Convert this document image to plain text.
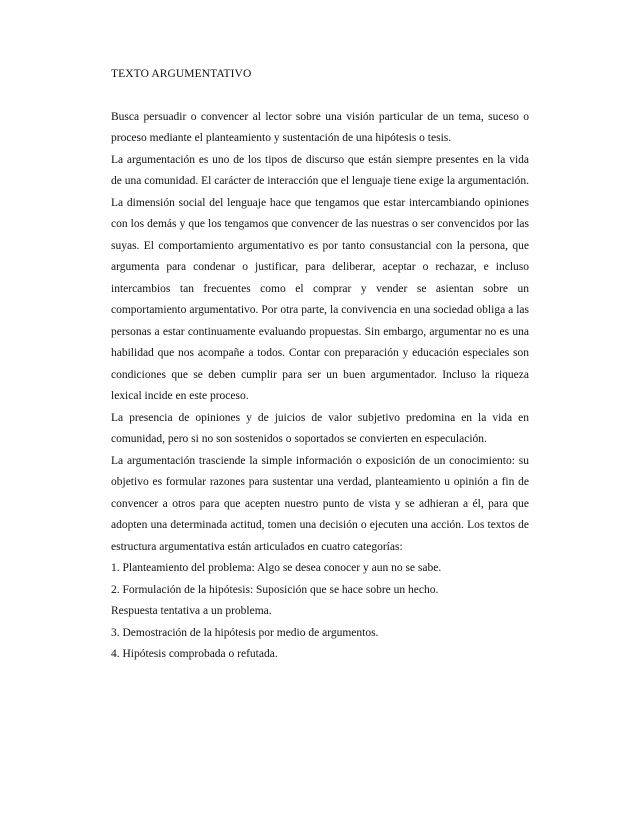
TEXTO ARGUMENTATIVO

Busca persuadir o convencer al lector sobre una visión particular de un tema, suceso o proceso mediante el planteamiento y sustentación de una hipótesis o tesis.

La argumentación es uno de los tipos de discurso que están siempre presentes en la vida de una comunidad. El carácter de interacción que el lenguaje tiene exige la argumentación. La dimensión social del lenguaje hace que tengamos que estar intercambiando opiniones con los demás y que los tengamos que convencer de las nuestras o ser convencidos por las suyas. El comportamiento argumentativo es por tanto consustancial con la persona, que argumenta para condenar o justificar, para deliberar, aceptar o rechazar, e incluso intercambios tan frecuentes como el comprar y vender se asientan sobre un comportamiento argumentativo. Por otra parte, la convivencia en una sociedad obliga a las personas a estar continuamente evaluando propuestas. Sin embargo, argumentar no es una habilidad que nos acompañe a todos. Contar con preparación y educación especiales son condiciones que se deben cumplir para ser un buen argumentador. Incluso la riqueza lexical incide en este proceso.

La presencia de opiniones y de juicios de valor subjetivo predomina en la vida en comunidad, pero si no son sostenidos o soportados se convierten en especulación.

La argumentación trasciende la simple información o exposición de un conocimiento: su objetivo es formular razones para sustentar una verdad, planteamiento u opinión a fin de convencer a otros para que acepten nuestro punto de vista y se adhieran a él, para que adopten una determinada actitud, tomen una decisión o ejecuten una acción. Los textos de estructura argumentativa están articulados en cuatro categorías:

1. Planteamiento del problema: Algo se desea conocer y aun no se sabe.
2. Formulación de la hipótesis: Suposición que se hace sobre un hecho. Respuesta tentativa a un problema.
3. Demostración de la hipótesis por medio de argumentos.
4. Hipótesis comprobada o refutada.
